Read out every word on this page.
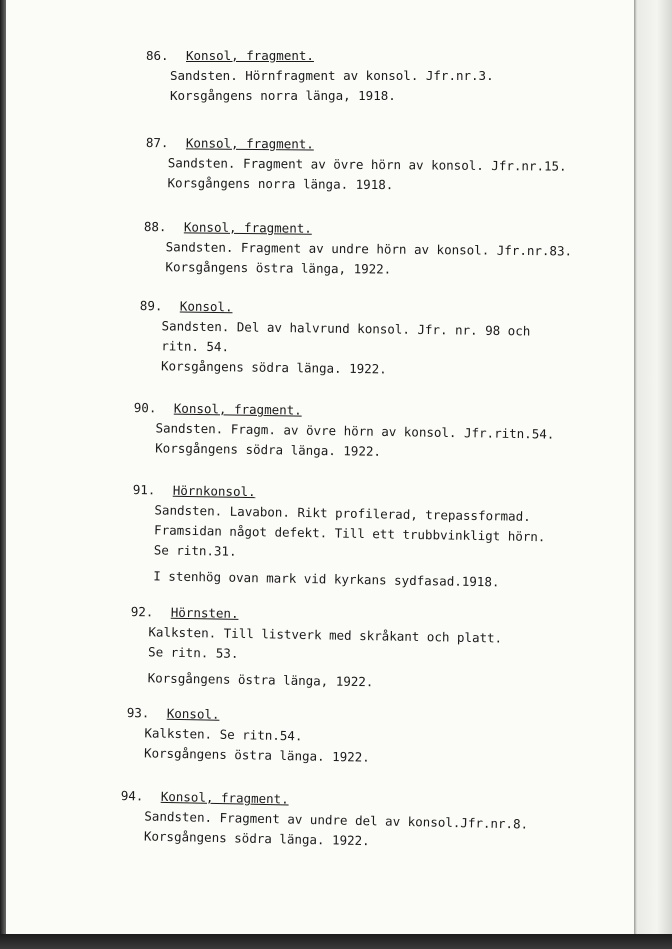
86. Konsol, fragment.
Sandsten. Hörnfragment av konsol. Jfr.nr.3.
Korsgångens norra länga, 1918.
87. Konsol, fragment.
Sandsten. Fragment av övre hörn av konsol. Jfr.nr.15.
Korsgångens norra länga. 1918.
88. Konsol, fragment.
Sandsten. Fragment av undre hörn av konsol. Jfr.nr.83.
Korsgångens östra länga, 1922.
89. Konsol.
Sandsten. Del av halvrund konsol. Jfr. nr. 98 och
ritn. 54.
Korsgångens södra länga. 1922.
90. Konsol, fragment.
Sandsten. Fragm. av övre hörn av konsol. Jfr.ritn.54.
Korsgångens södra länga. 1922.
91. Hörnkonsol.
Sandsten. Lavabon. Rikt profilerad, trepassformad.
Framsidan något defekt. Till ett trubbvinkligt hörn.
Se ritn.31.
I stenhög ovan mark vid kyrkans sydfasad.1918.
92. Hörnsten.
Kalksten. Till listverk med skråkant och platt.
Se ritn. 53.
Korsgångens östra länga, 1922.
93. Konsol.
Kalksten. Se ritn.54.
Korsgångens östra länga. 1922.
94. Konsol, fragment.
Sandsten. Fragment av undre del av konsol.Jfr.nr.8.
Korsgångens södra länga. 1922.
